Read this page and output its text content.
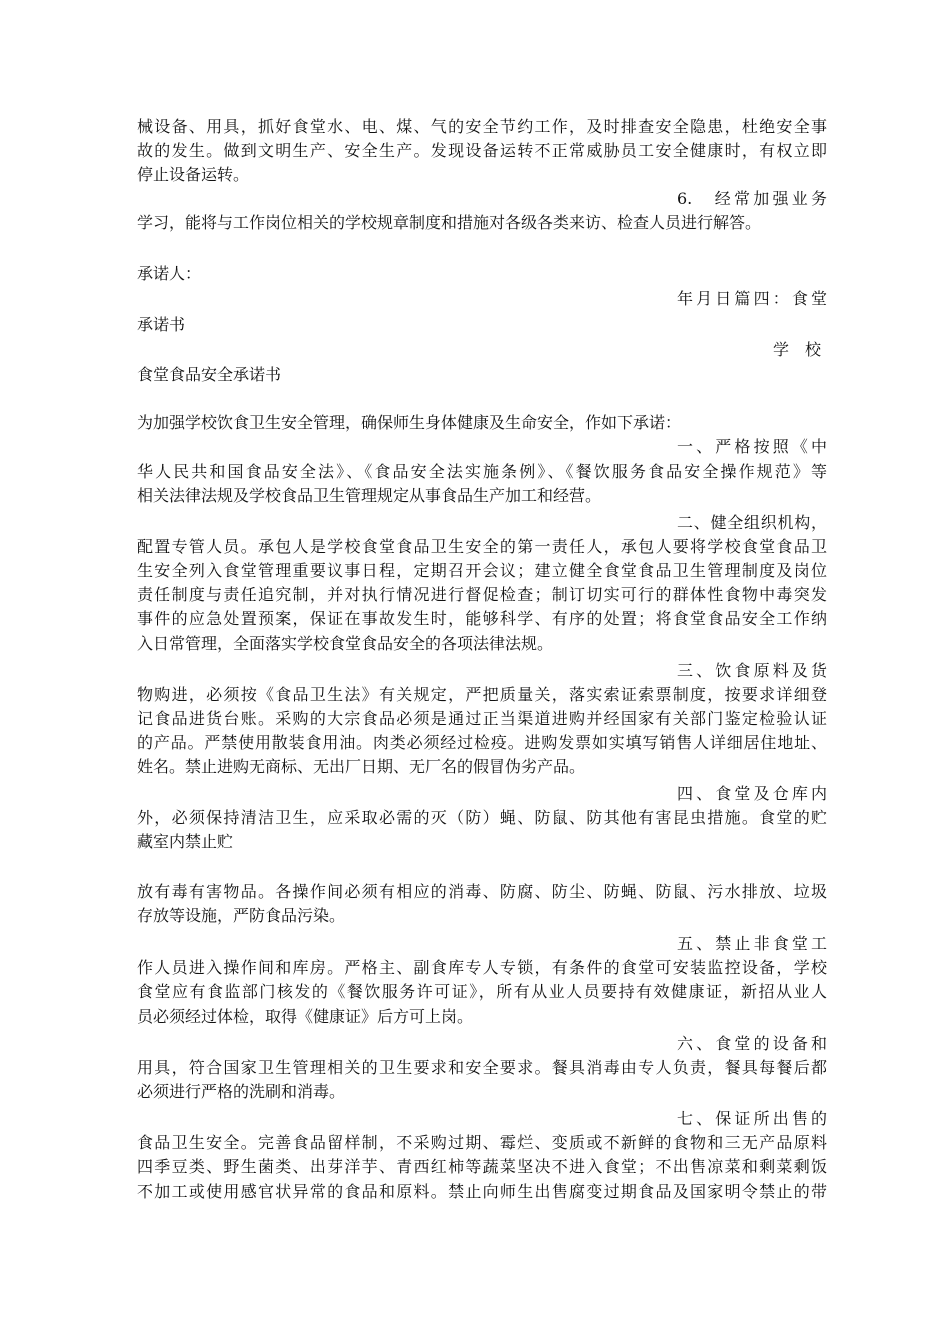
械设备、用具，抓好食堂水、电、煤、气的安全节约工作，及时排查安全隐患，杜绝安全事
故的发生。做到文明生产、安全生产。发现设备运转不正常威胁员工安全健康时，有权立即
停止设备运转。
6.　经常加强业务
学习，能将与工作岗位相关的学校规章制度和措施对各级各类来访、检查人员进行解答。
承诺人：
年月日篇四：食堂
承诺书
学　校
食堂食品安全承诺书
为加强学校饮食卫生安全管理，确保师生身体健康及生命安全，作如下承诺：
一、严格按照《中
华人民共和国食品安全法》、《食品安全法实施条例》、《餐饮服务食品安全操作规范》等
相关法律法规及学校食品卫生管理规定从事食品生产加工和经营。
二、健全组织机构，
配置专管人员。承包人是学校食堂食品卫生安全的第一责任人，承包人要将学校食堂食品卫
生安全列入食堂管理重要议事日程，定期召开会议；建立健全食堂食品卫生管理制度及岗位
责任制度与责任追究制，并对执行情况进行督促检查；制订切实可行的群体性食物中毒突发
事件的应急处置预案，保证在事故发生时，能够科学、有序的处置；将食堂食品安全工作纳
入日常管理，全面落实学校食堂食品安全的各项法律法规。
三、饮食原料及货
物购进，必须按《食品卫生法》有关规定，严把质量关，落实索证索票制度，按要求详细登
记食品进货台账。采购的大宗食品必须是通过正当渠道进购并经国家有关部门鉴定检验认证
的产品。严禁使用散装食用油。肉类必须经过检疫。进购发票如实填写销售人详细居住地址、
姓名。禁止进购无商标、无出厂日期、无厂名的假冒伪劣产品。
四、食堂及仓库内
外，必须保持清洁卫生，应采取必需的灭（防）蝇、防鼠、防其他有害昆虫措施。食堂的贮
藏室内禁止贮
放有毒有害物品。各操作间必须有相应的消毒、防腐、防尘、防蝇、防鼠、污水排放、垃圾
存放等设施，严防食品污染。
五、禁止非食堂工
作人员进入操作间和库房。严格主、副食库专人专锁，有条件的食堂可安装监控设备，学校
食堂应有食监部门核发的《餐饮服务许可证》，所有从业人员要持有效健康证，新招从业人
员必须经过体检，取得《健康证》后方可上岗。
六、食堂的设备和
用具，符合国家卫生管理相关的卫生要求和安全要求。餐具消毒由专人负责，餐具每餐后都
必须进行严格的洗刷和消毒。
七、保证所出售的
食品卫生安全。完善食品留样制，不采购过期、霉烂、变质或不新鲜的食物和三无产品原料
四季豆类、野生菌类、出芽洋芋、青西红柿等蔬菜坚决不进入食堂；不出售凉菜和剩菜剩饭
不加工或使用感官状异常的食品和原料。禁止向师生出售腐变过期食品及国家明令禁止的带
